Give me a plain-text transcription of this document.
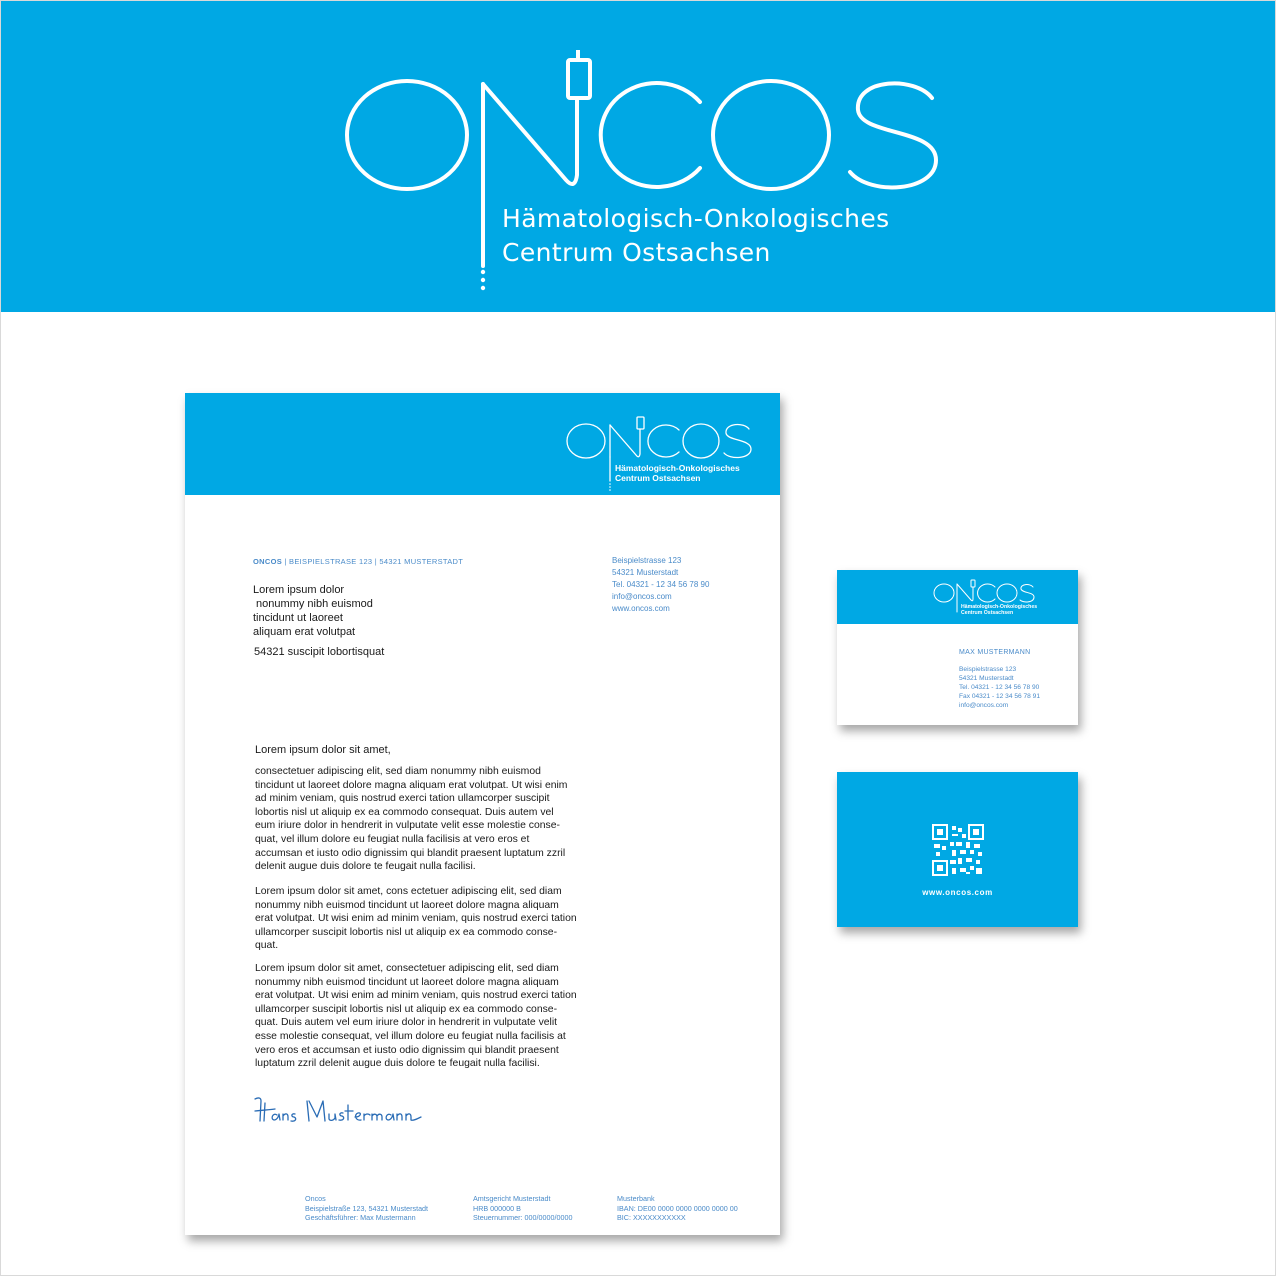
Hämatologisch-Onkologisches
Centrum Ostsachsen
Hämatologisch-Onkologisches
Centrum Ostsachsen
ONCOS | BEISPIELSTRASE 123 | 54321 MUSTERSTADT
Lorem ipsum dolor
nonummy nibh euismod
tincidunt ut laoreet
aliquam erat volutpat
54321 suscipit lobortisquat
Beispielstrasse 123
54321 Musterstadt
Tel. 04321 - 12 34 56 78 90
info@oncos.com
www.oncos.com
Lorem ipsum dolor sit amet,
consectetuer adipiscing elit, sed diam nonummy nibh euismod
tincidunt ut laoreet dolore magna aliquam erat volutpat. Ut wisi enim
ad minim veniam, quis nostrud exerci tation ullamcorper suscipit
lobortis nisl ut aliquip ex ea commodo consequat. Duis autem vel
eum iriure dolor in hendrerit in vulputate velit esse molestie conse-
quat, vel illum dolore eu feugiat nulla facilisis at vero eros et
accumsan et iusto odio dignissim qui blandit praesent luptatum zzril
delenit augue duis dolore te feugait nulla facilisi.
Lorem ipsum dolor sit amet, cons ectetuer adipiscing elit, sed diam
nonummy nibh euismod tincidunt ut laoreet dolore magna aliquam
erat volutpat. Ut wisi enim ad minim veniam, quis nostrud exerci tation
ullamcorper suscipit lobortis nisl ut aliquip ex ea commodo conse-
quat.
Lorem ipsum dolor sit amet, consectetuer adipiscing elit, sed diam
nonummy nibh euismod tincidunt ut laoreet dolore magna aliquam
erat volutpat. Ut wisi enim ad minim veniam, quis nostrud exerci tation
ullamcorper suscipit lobortis nisl ut aliquip ex ea commodo conse-
quat. Duis autem vel eum iriure dolor in hendrerit in vulputate velit
esse molestie consequat, vel illum dolore eu feugiat nulla facilisis at
vero eros et accumsan et iusto odio dignissim qui blandit praesent
luptatum zzril delenit augue duis dolore te feugait nulla facilisi.
Oncos
Beispielstraße 123, 54321 Musterstadt
Geschäftsführer: Max Mustermann
Amtsgericht Musterstadt
HRB 000000 B
Steuernummer: 000/0000/0000
Musterbank
IBAN: DE00 0000 0000 0000 0000 00
BIC: XXXXXXXXXXX
Hämatologisch-Onkologisches
Centrum Ostsachsen
MAX MUSTERMANN
Beispielstrasse 123
54321 Musterstadt
Tel. 04321 - 12 34 56 78 90
Fax 04321 - 12 34 56 78 91
info@oncos.com
www.oncos.com
